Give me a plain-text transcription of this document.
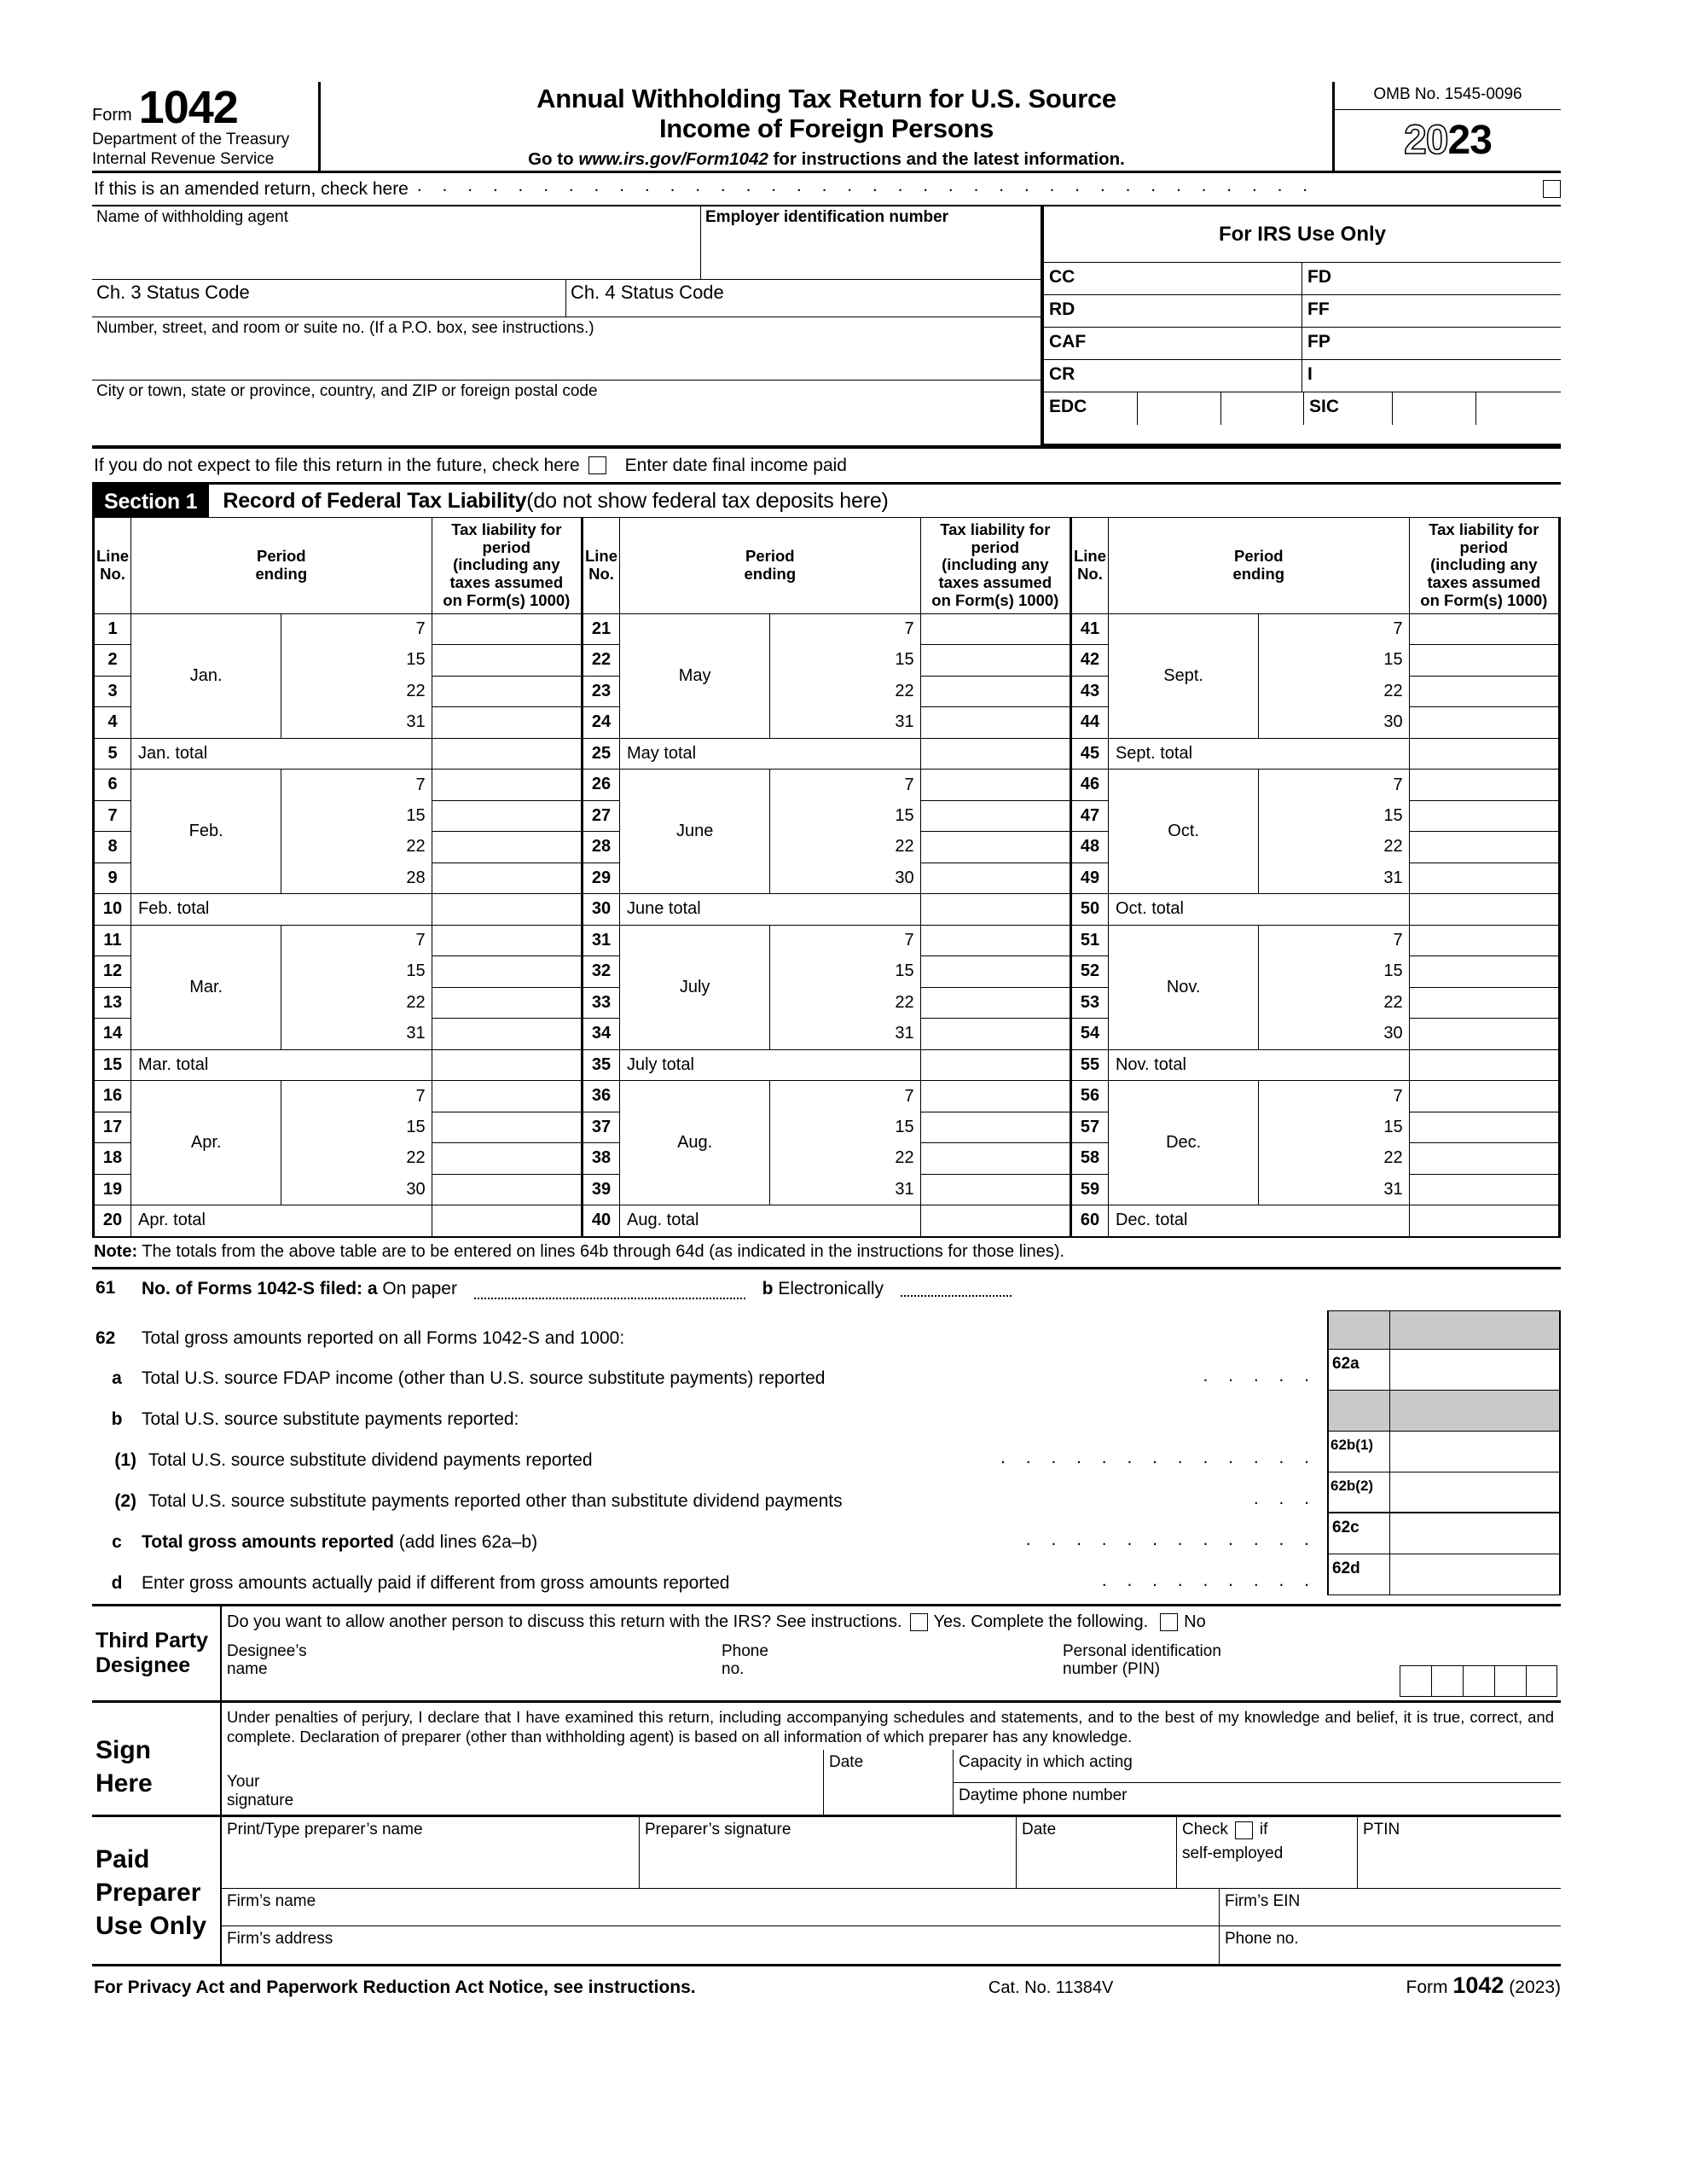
Form 1042
Department of the Treasury
Internal Revenue Service
Annual Withholding Tax Return for U.S. Source
Income of Foreign Persons
Go to www.irs.gov/Form1042 for instructions and the latest information.
OMB No. 1545-0096
20 23
If this is an amended return, check here . . . . . . . . . . . . . . . . . . . . . . . . . . . . . . . . . . . .
Name of withholding agent	Employer identification number
Ch. 3 Status Code	Ch. 4 Status Code
Number, street, and room or suite no. (If a P.O. box, see instructions.)
City or town, state or province, country, and ZIP or foreign postal code
For IRS Use Only
CC	FD
RD	FF
CAF	FP
CR	I
EDC	SIC
If you do not expect to file this return in the future, check here	Enter date final income paid
Section 1	Record of Federal Tax Liability (do not show federal tax deposits here)
Line
No.	Period
ending		Tax liability for period
(including any taxes assumed
on Form(s) 1000)	Line
No.	Period
ending		Tax liability for period
(including any taxes assumed
on Form(s) 1000)	Line
No.	Period
ending		Tax liability for period
(including any taxes assumed
on Form(s) 1000)
1	Jan.	7		21	May	7		41	Sept.	7	
2		15		22		15		42		15	
3		22		23		22		43		22	
4		31		24		31		44		30	
5	Jan. total			25	May total			45	Sept. total		
6	Feb.	7		26	June	7		46	Oct.	7	
7		15		27		15		47		15	
8		22		28		22		48		22	
9		28		29		30		49		31	
10	Feb. total			30	June total			50	Oct. total		
11	Mar.	7		31	July	7		51	Nov.	7	
12		15		32		15		52		15	
13		22		33		22		53		22	
14		31		34		31		54		30	
15	Mar. total			35	July total			55	Nov. total		
16	Apr.	7		36	Aug.	7		56	Dec.	7	
17		15		37		15		57		15	
18		22		38		22		58		22	
19		30		39		31		59		31	
20	Apr. total			40	Aug. total			60	Dec. total		
Note: The totals from the above table are to be entered on lines 64b through 64d (as indicated in the instructions for those lines).
61	No. of Forms 1042-S filed: a On paper	b Electronically
62a
62b(1)
62b(2)
62c
62d
62	Total gross amounts reported on all Forms 1042-S and 1000:
a	Total U.S. source FDAP income (other than U.S. source substitute payments) reported	. . . . .
b	Total U.S. source substitute payments reported:
(1) Total U.S. source substitute dividend payments reported	. . . . . . . . . . . . .
(2) Total U.S. source substitute payments reported other than substitute dividend payments	. . .
c	Total gross amounts reported (add lines 62a–b)	. . . . . . . . . . . .
d	Enter gross amounts actually paid if different from gross amounts reported	. . . . . . . . .
Third Party
Designee
Do you want to allow another person to discuss this return with the IRS? See instructions. Yes. Complete the following. No
Designee’s
name
Phone
no.
Personal identification
number (PIN)
Sign
Here
Under penalties of perjury, I declare that I have examined this return, including accompanying schedules and statements, and to the best of my knowledge and belief, it is true, correct, and complete. Declaration of preparer (other than withholding agent) is based on all information of which preparer has any knowledge.
Your
signature
Date	Capacity in which acting
Daytime phone number
Paid
Preparer
Use Only
Print/Type preparer’s name	Preparer’s signature	Date	Check if
self-employed
PTIN
Firm’s name	Firm’s EIN
Firm’s address	Phone no.
For Privacy Act and Paperwork Reduction Act Notice, see instructions.	Cat. No. 11384V	Form 1042 (2023)
